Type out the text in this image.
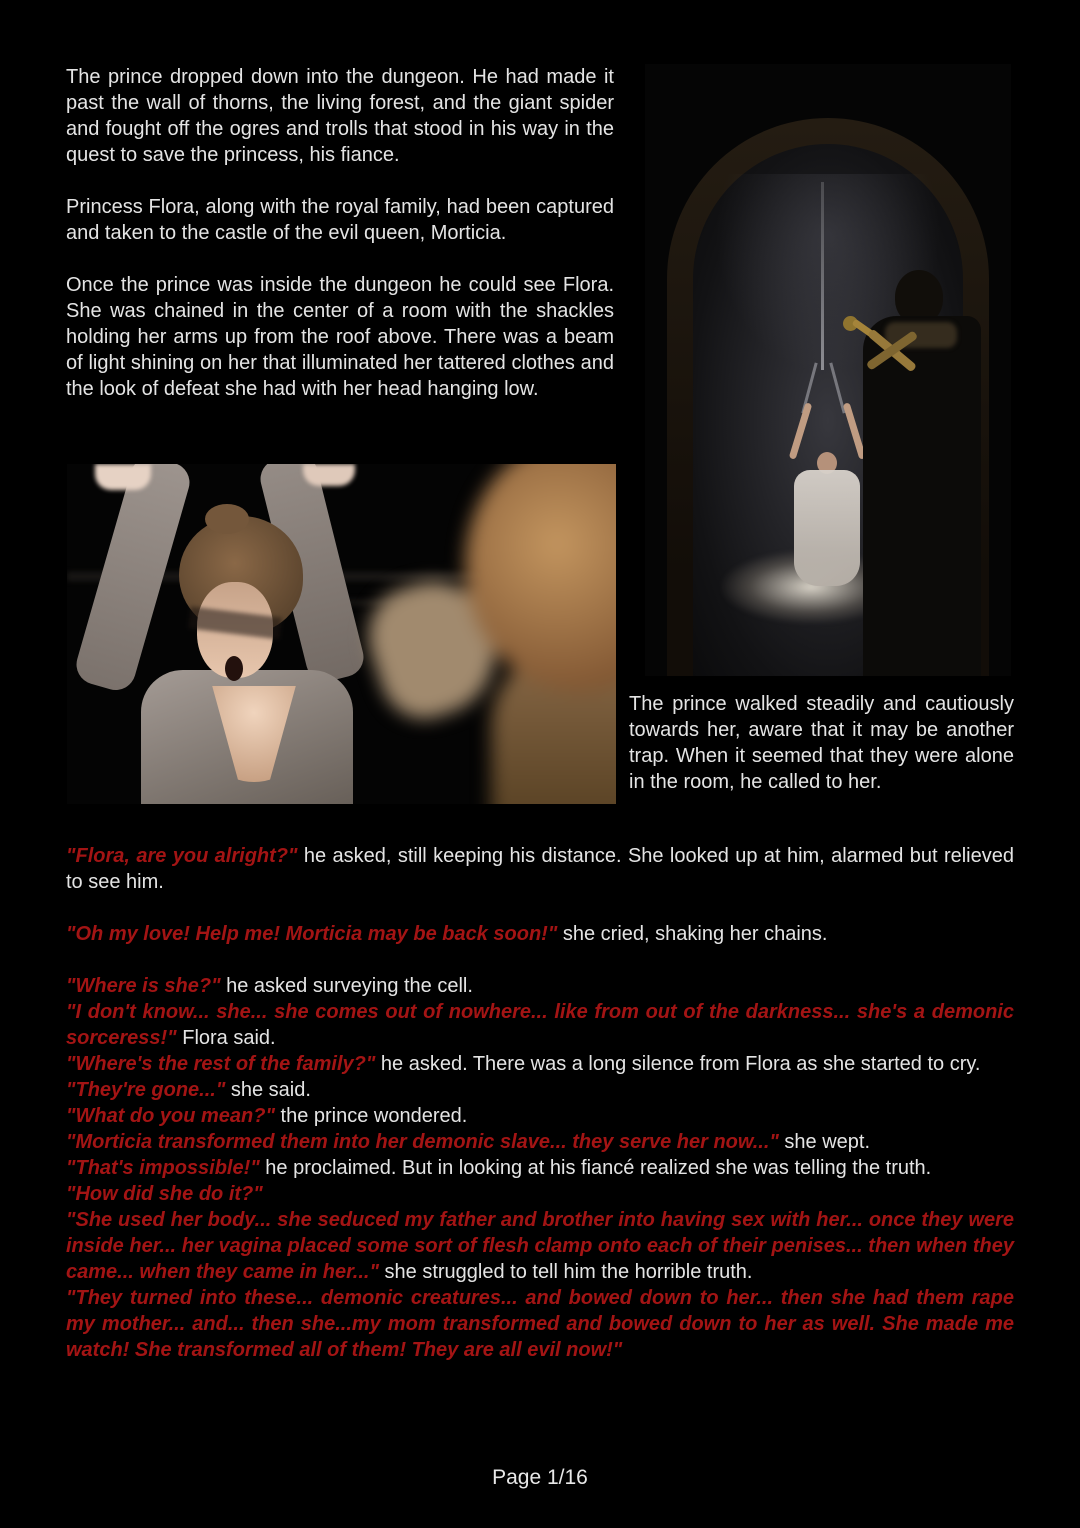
The prince dropped down into the dungeon. He had made it past the wall of thorns, the living forest, and the giant spider and fought off the ogres and trolls that stood in his way in the quest to save the princess, his fiance.

Princess Flora, along with the royal family, had been captured and taken to the castle of the evil queen, Morticia.

Once the prince was inside the dungeon he could see Flora. She was chained in the center of a room with the shackles holding her arms up from the roof above. There was a beam of light shining on her that illuminated her tattered clothes and the look of defeat she had with her head hanging low.

The prince walked steadily and cautiously towards her, aware that it may be another trap. When it seemed that they were alone in the room, he called to her.

"Flora, are you alright?" he asked, still keeping his distance. She looked up at him, alarmed but relieved to see him.

"Oh my love! Help me! Morticia may be back soon!" she cried, shaking her chains.

"Where is she?" he asked surveying the cell.

"I don't know... she... she comes out of nowhere... like from out of the darkness... she's a demonic sorceress!" Flora said.

"Where's the rest of the family?" he asked. There was a long silence from Flora as she started to cry.

"They're gone..." she said.

"What do you mean?" the prince wondered.

"Morticia transformed them into her demonic slave... they serve her now..." she wept.

"That's impossible!" he proclaimed. But in looking at his fiancé realized she was telling the truth.

"How did she do it?"

"She used her body... she seduced my father and brother into having sex with her... once they were inside her... her vagina placed some sort of flesh clamp onto each of their penises... then when they came... when they came in her..." she struggled to tell him the horrible truth.

"They turned into these... demonic creatures... and bowed down to her... then she had them rape my mother... and... then she...my mom transformed and bowed down to her as well. She made me watch! She transformed all of them! They are all evil now!"

Page 1/16
